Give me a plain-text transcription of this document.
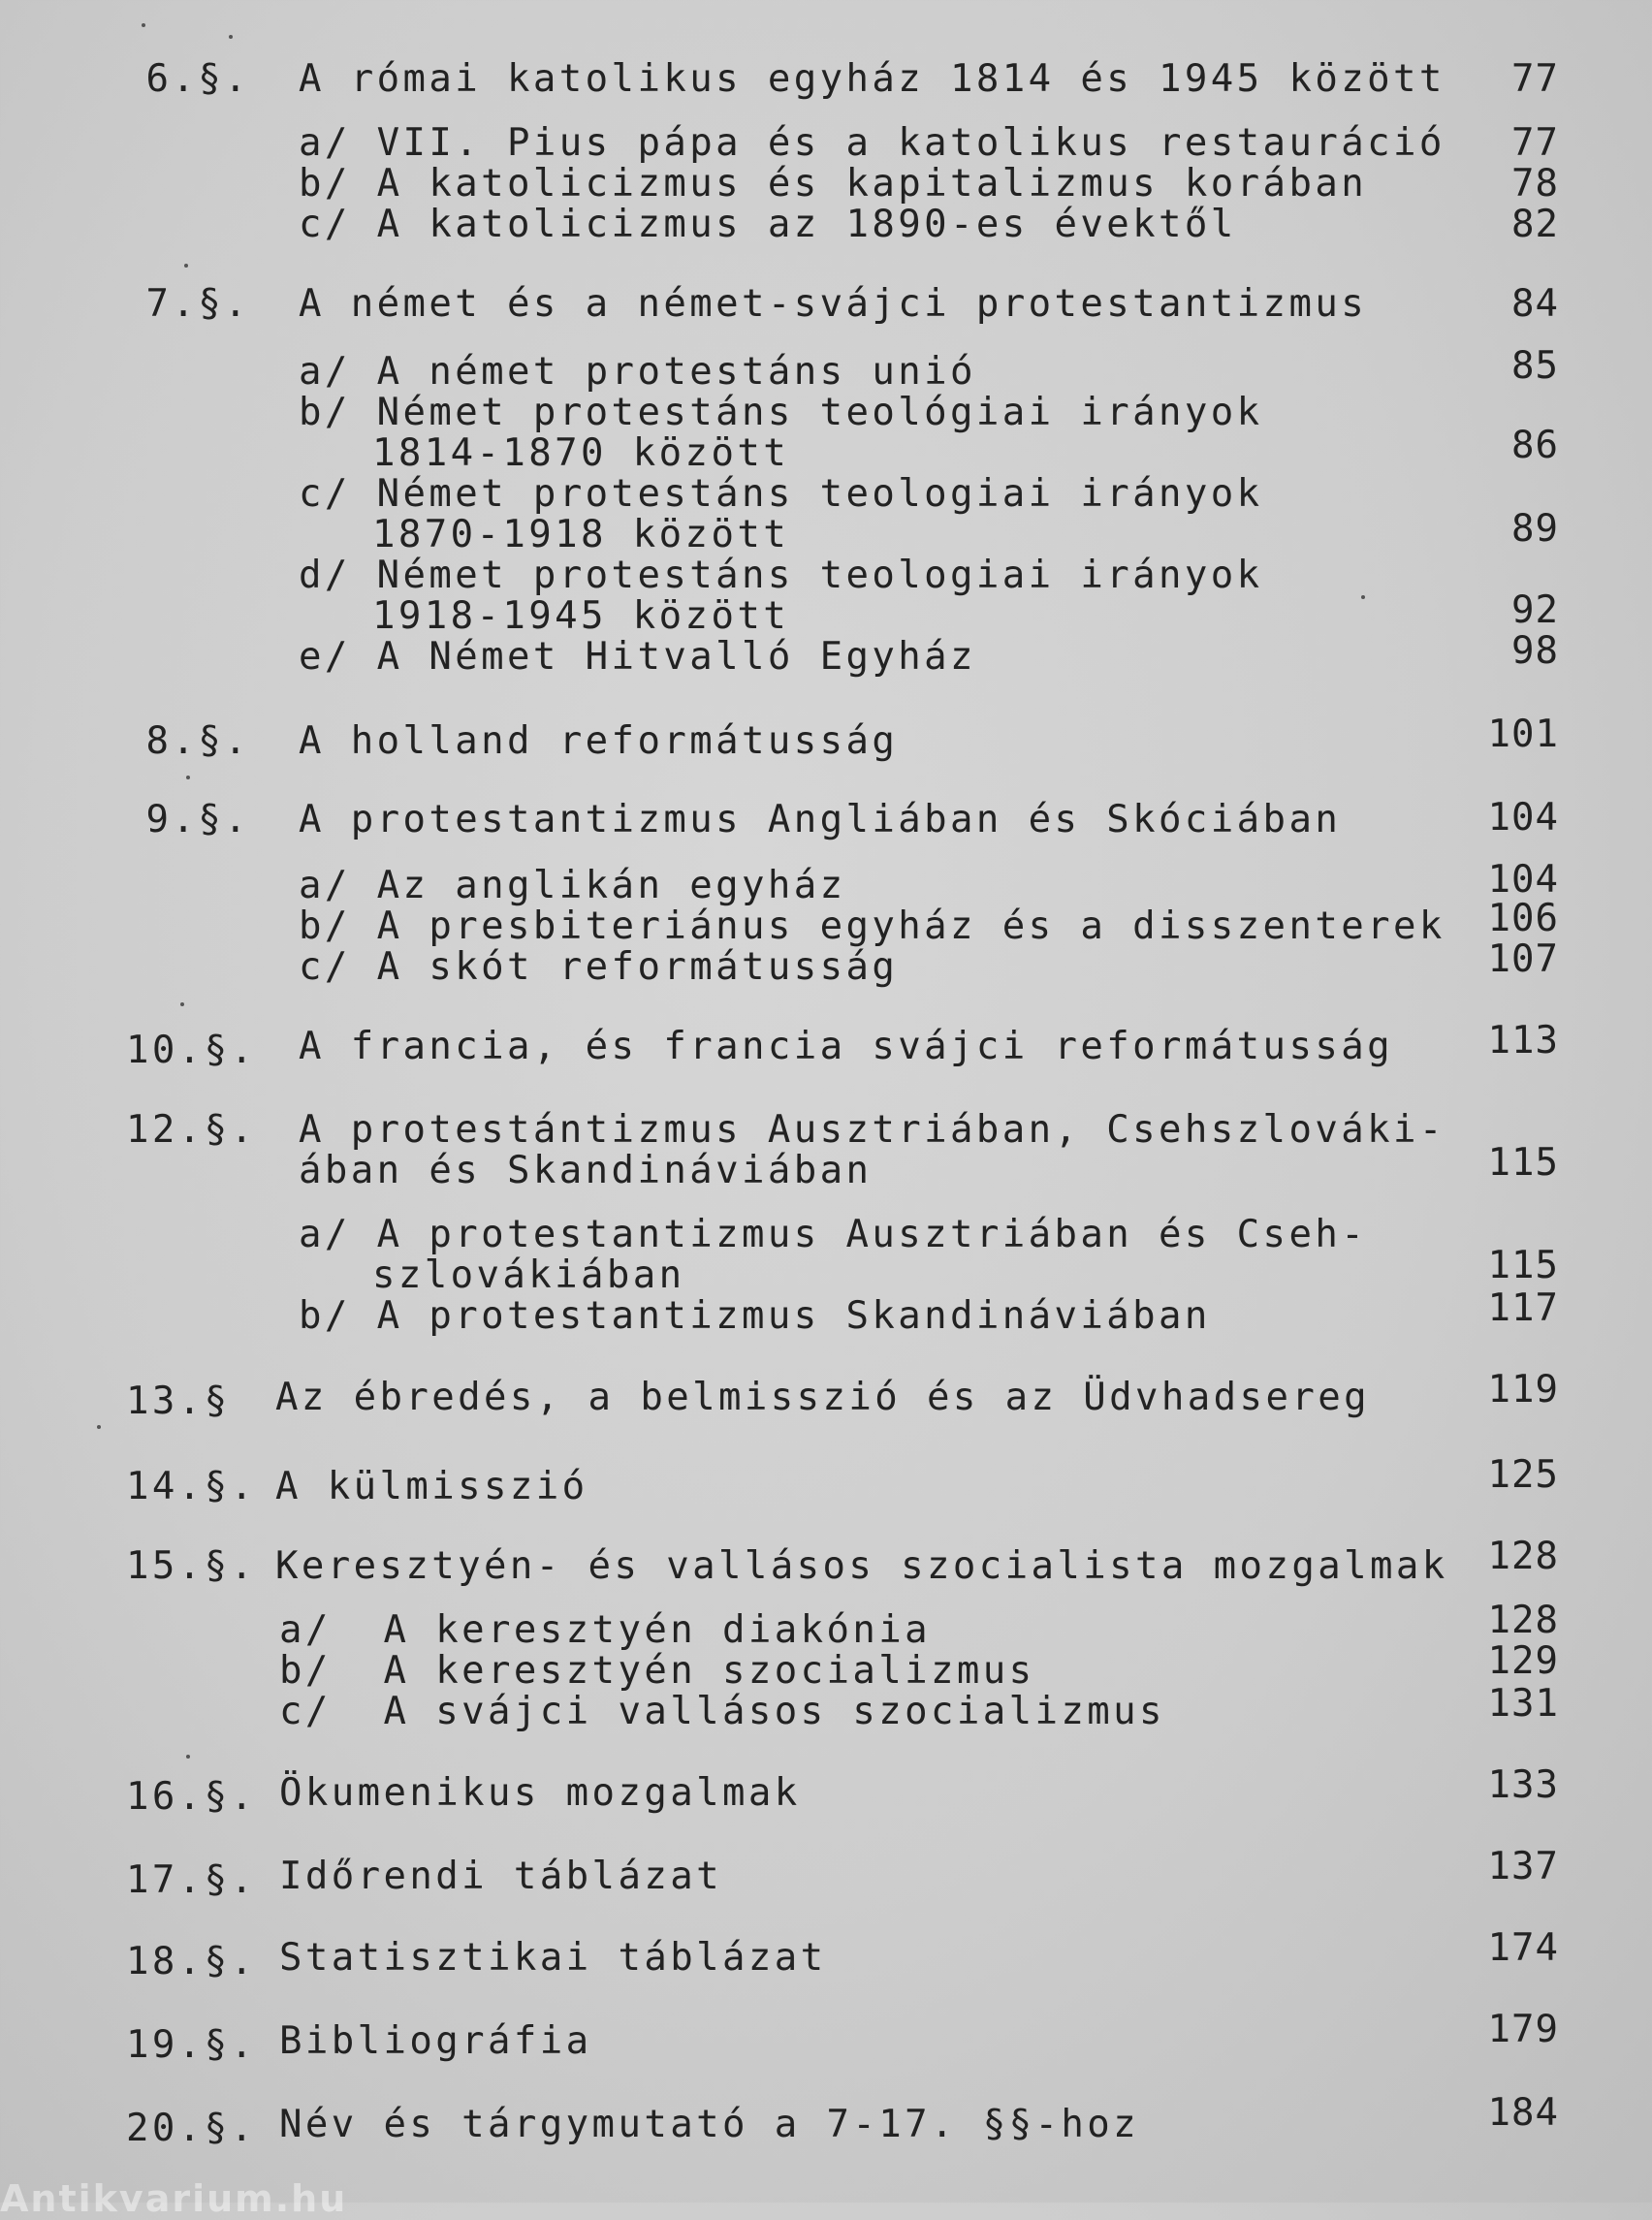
6.§. A római katolikus egyház 1814 és 1945 között	77
a/ VII. Pius pápa és a katolikus restauráció	77
b/ A katolicizmus és kapitalizmus korában	78
c/ A katolicizmus az 1890-es évektől	82
7.§. A német és a német-svájci protestantizmus	84
a/ A német protestáns unió	85
b/ Német protestáns teológiai irányok
1814-1870 között	86
c/ Német protestáns teologiai irányok
1870-1918 között	89
d/ Német protestáns teologiai irányok
1918-1945 között	92
e/ A Német Hitvalló Egyház	98
8.§. A holland reformátusság	101
9.§. A protestantizmus Angliában és Skóciában	104
a/ Az anglikán egyház	104
b/ A presbiteriánus egyház és a disszenterek	106
c/ A skót reformátusság	107
10.§. A francia, és francia svájci reformátusság	113
12.§. A protestántizmus Ausztriában, Csehszlováki-
ában és Skandináviában	115
a/ A protestantizmus Ausztriában és Cseh-
szlovákiában	115
b/ A protestantizmus Skandináviában	117
13.§ Az ébredés, a belmisszió és az Üdvhadsereg	119
14.§. A külmisszió	125
15.§. Keresztyén- és vallásos szocialista mozgalmak	128
a/  A keresztyén diakónia	128
b/  A keresztyén szocializmus	129
c/  A svájci vallásos szocializmus	131
16.§. Ökumenikus mozgalmak	133
17.§. Időrendi táblázat	137
18.§. Statisztikai táblázat	174
19.§. Bibliográfia	179
20.§. Név és tárgymutató a 7-17. §§-hoz	184
Antikvarium.hu
